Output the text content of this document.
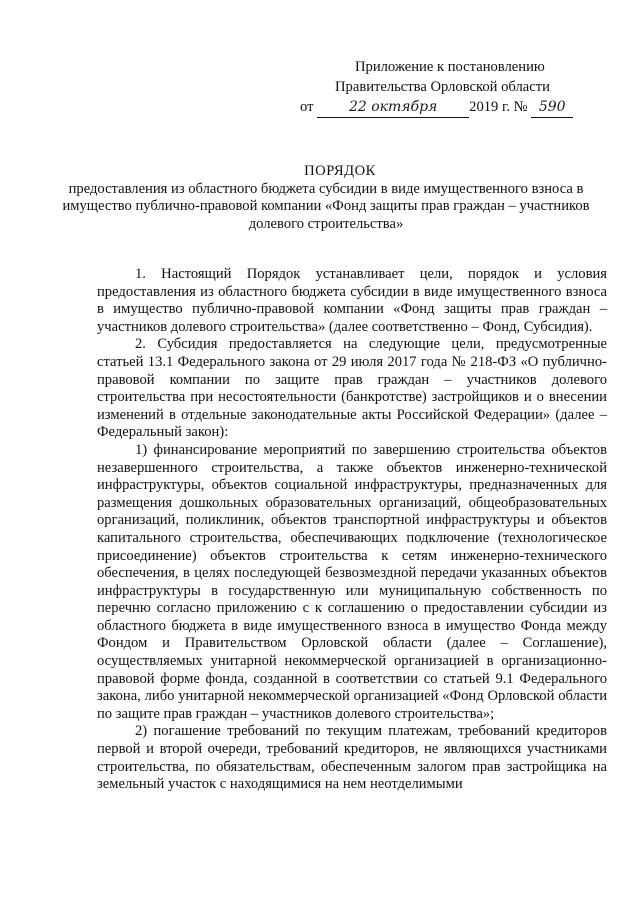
Приложение к постановлению
Правительства Орловской области
от	22 октября 2019 г. № 590
ПОРЯДОК
предоставления из областного бюджета субсидии в виде имущественного взноса в имущество публично-правовой компании «Фонд защиты прав граждан – участников долевого строительства»

1. Настоящий Порядок устанавливает цели, порядок и условия предоставления из областного бюджета субсидии в виде имущественного взноса в имущество публично-правовой компании «Фонд защиты прав граждан – участников долевого строительства» (далее соответственно – Фонд, Субсидия).

2. Субсидия предоставляется на следующие цели, предусмотренные статьей 13.1 Федерального закона от 29 июля 2017 года № 218-ФЗ «О публично-правовой компании по защите прав граждан – участников долевого строительства при несостоятельности (банкротстве) застройщиков и о внесении изменений в отдельные законодательные акты Российской Федерации» (далее – Федеральный закон):

1) финансирование мероприятий по завершению строительства объектов незавершенного строительства, а также объектов инженерно-технической инфраструктуры, объектов социальной инфраструктуры, предназначенных для размещения дошкольных образовательных организаций, общеобразовательных организаций, поликлиник, объектов транспортной инфраструктуры и объектов капитального строительства, обеспечивающих подключение (технологическое присоединение) объектов строительства к сетям инженерно-технического обеспечения, в целях последующей безвозмездной передачи указанных объектов инфраструктуры в государственную или муниципальную собственность по перечню согласно приложению с к соглашению о предоставлении субсидии из областного бюджета в виде имущественного взноса в имущество Фонда между Фондом и Правительством Орловской области (далее – Соглашение), осуществляемых унитарной некоммерческой организацией в организационно-правовой форме фонда, созданной в соответствии со статьей 9.1 Федерального закона, либо унитарной некоммерческой организацией «Фонд Орловской области по защите прав граждан – участников долевого строительства»;

2) погашение требований по текущим платежам, требований кредиторов первой и второй очереди, требований кредиторов, не являющихся участниками строительства, по обязательствам, обеспеченным залогом прав застройщика на земельный участок с находящимися на нем неотделимыми
